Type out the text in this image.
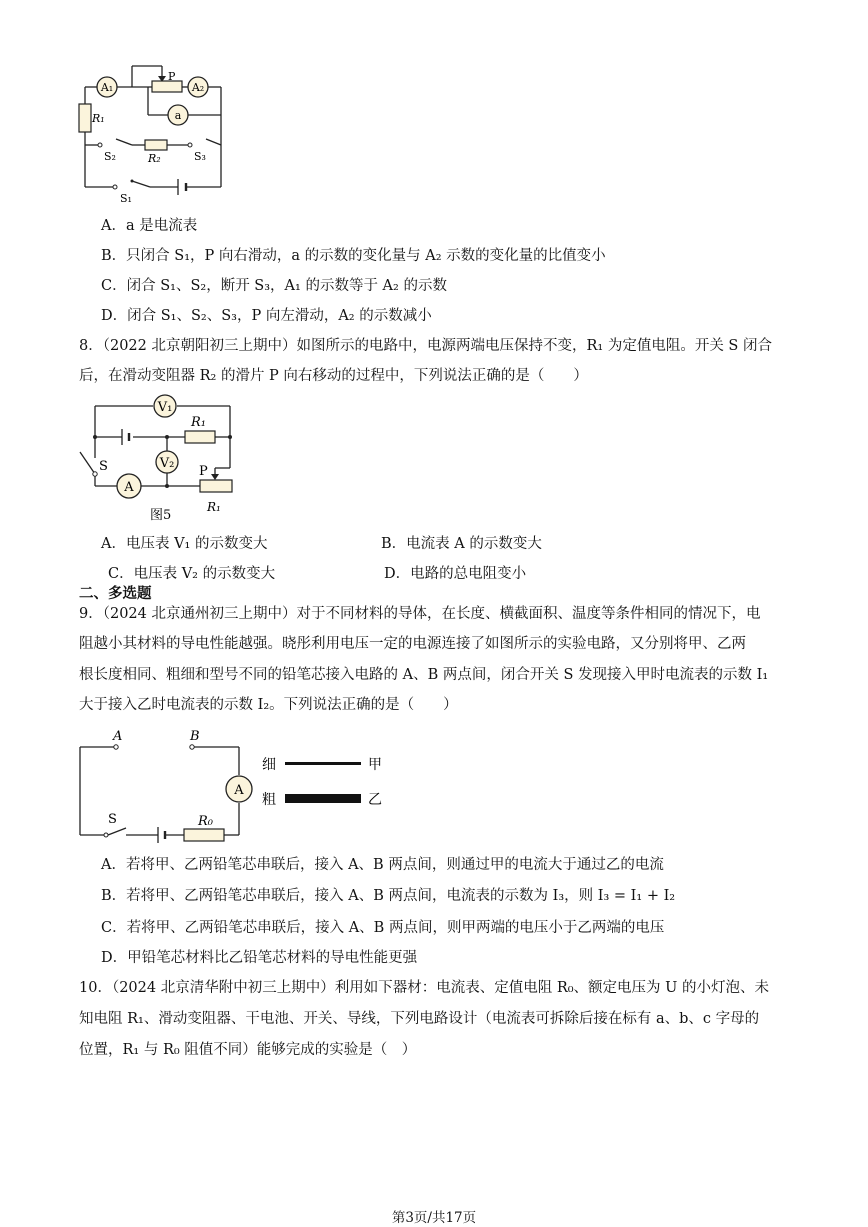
A₁	A₂
a
P
R₁
R₂
S₂	S₃
S₁
A．a 是电流表
B．只闭合 S₁，P 向右滑动，a 的示数的变化量与 A₂ 示数的变化量的比值变小
C．闭合 S₁、S₂，断开 S₃，A₁ 的示数等于 A₂ 的示数
D．闭合 S₁、S₂、S₃，P 向左滑动，A₂ 的示数减小
8．（2022 北京朝阳初三上期中）如图所示的电路中，电源两端电压保持不变，R₁ 为定值电阻。开关 S 闭合
后，在滑动变阻器 R₂ 的滑片 P 向右移动的过程中，下列说法正确的是（　　）
V₁
V₂
A
R₁
R₁
P
S
图5
A．电压表 V₁ 的示数变大	B．电流表 A 的示数变大
C．电压表 V₂ 的示数变大	D．电路的总电阻变小
二、多选题
9．（2024 北京通州初三上期中）对于不同材料的导体，在长度、横截面积、温度等条件相同的情况下，电
阻越小其材料的导电性能越强。晓彤利用电压一定的电源连接了如图所示的实验电路，又分别将甲、乙两
根长度相同、粗细和型号不同的铅笔芯接入电路的 A、B 两点间，闭合开关 S 发现接入甲时电流表的示数 I₁
大于接入乙时电流表的示数 I₂。下列说法正确的是（　　）
A
A	B
S	R₀
细
粗
甲
乙
A．若将甲、乙两铅笔芯串联后，接入 A、B 两点间，则通过甲的电流大于通过乙的电流
B．若将甲、乙两铅笔芯串联后，接入 A、B 两点间，电流表的示数为 I₃，则 I₃ = I₁ + I₂
C．若将甲、乙两铅笔芯串联后，接入 A、B 两点间，则甲两端的电压小于乙两端的电压
D．甲铅笔芯材料比乙铅笔芯材料的导电性能更强
10．（2024 北京清华附中初三上期中）利用如下器材：电流表、定值电阻 R₀、额定电压为 U 的小灯泡、未
知电阻 R₁、滑动变阻器、干电池、开关、导线，下列电路设计（电流表可拆除后接在标有 a、b、c 字母的
位置，R₁ 与 R₀ 阻值不同）能够完成的实验是（　）
第3页/共17页
